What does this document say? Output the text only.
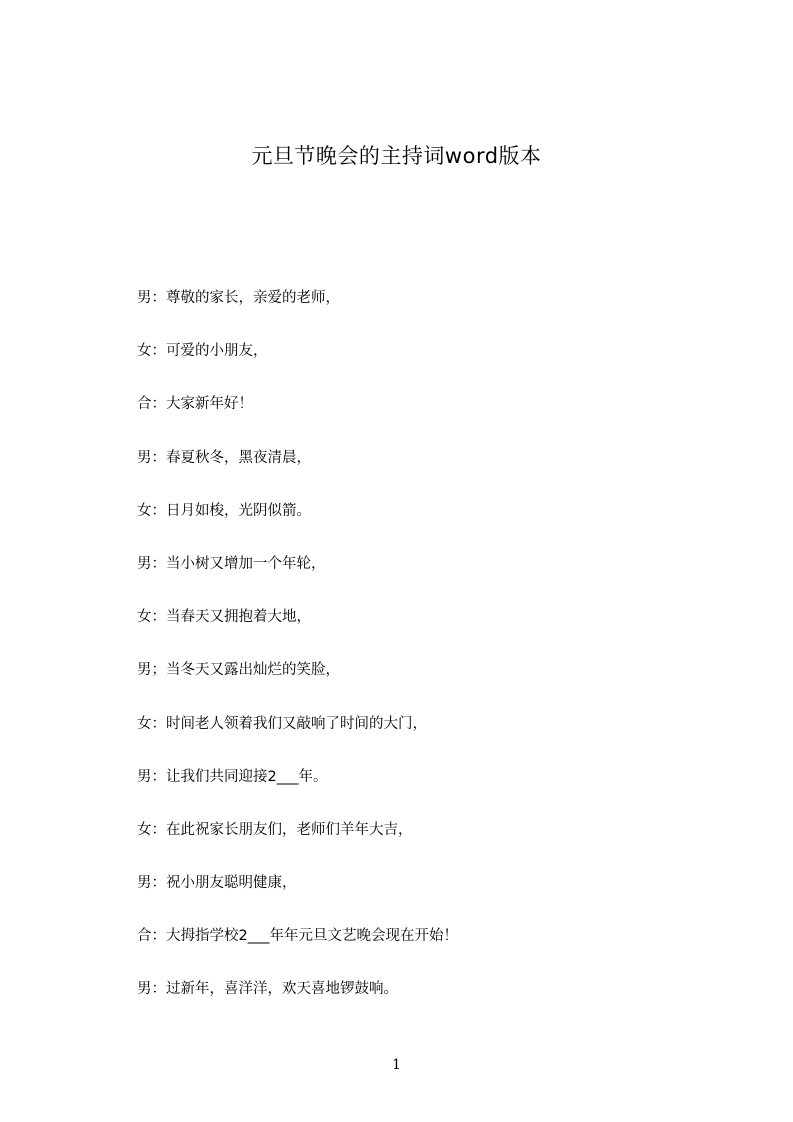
元旦节晚会的主持词word版本
男：尊敬的家长，亲爱的老师，
女：可爱的小朋友，
合：大家新年好！
男：春夏秋冬，黑夜清晨，
女：日月如梭，光阴似箭。
男：当小树又增加一个年轮，
女：当春天又拥抱着大地，
男；当冬天又露出灿烂的笑脸，
女：时间老人领着我们又敲响了时间的大门，
男：让我们共同迎接2___年。
女：在此祝家长朋友们，老师们羊年大吉，
男：祝小朋友聪明健康，
合：大拇指学校2___年年元旦文艺晚会现在开始！
男：过新年，喜洋洋，欢天喜地锣鼓响。
1
